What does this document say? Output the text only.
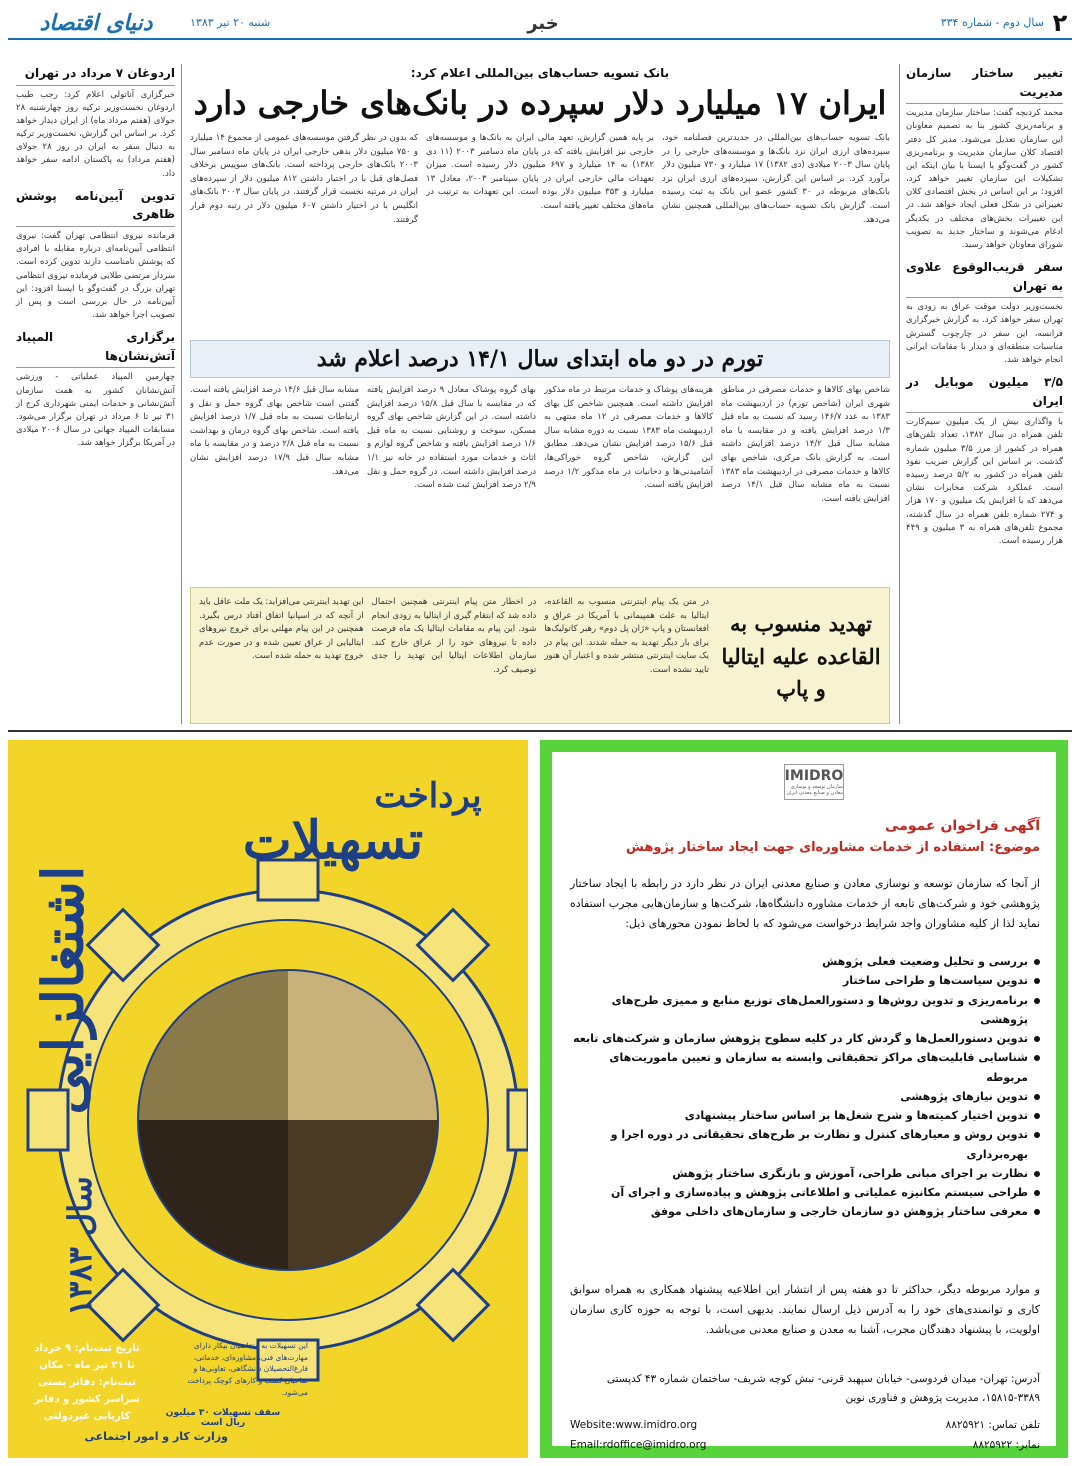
دنیای اقتصاد	شنبه ۲۰ تیر ۱۳۸۳	خبر	سال دوم - شماره ۳۳۴ ۲
تغییر ساختار سازمان مدیریت

محمد کردبچه گفت: ساختار سازمان مدیریت و برنامه‌ریزی کشور بنا به تصمیم معاونان این سازمان تعدیل می‌شود. مدیر کل دفتر اقتصاد کلان سازمان مدیریت و برنامه‌ریزی کشور در گفت‌وگو با ایسنا با بیان اینکه این تشکیلات این سازمان تغییر خواهد کرد، افزود: بر این اساس در بخش اقتصادی کلان تغییراتی در شکل فعلی ایجاد خواهد شد. در این تغییرات بخش‌های مختلف در یکدیگر ادغام می‌شوند و ساختار جدید به تصویب شورای معاونان خواهد رسید.

سفر قریب‌الوقوع علاوی به تهران

نخست‌وزیر دولت موقت عراق به زودی به تهران سفر خواهد کرد. به گزارش خبرگزاری فرانسه، این سفر در چارچوب گسترش مناسبات منطقه‌ای و دیدار با مقامات ایرانی انجام خواهد شد.

۳/۵ میلیون موبایل در ایران

با واگذاری بیش از یک میلیون سیم‌کارت تلفن همراه در سال ۱۳۸۲، تعداد تلفن‌های همراه در کشور از مرز ۳/۵ میلیون شماره گذشت. بر اساس این گزارش ضریب نفوذ تلفن همراه در کشور به ۵/۲ درصد رسیده است. عملکرد شرکت مخابرات نشان می‌دهد که با افزایش یک میلیون و ۱۷۰ هزار و ۲۷۴ شماره تلفن همراه در سال گذشته، مجموع تلفن‌های همراه به ۳ میلیون و ۴۴۹ هزار رسیده است.

اردوغان ۷ مرداد در تهران

خبرگزاری آناتولی اعلام کرد: رجب طیب اردوغان نخست‌وزیر ترکیه روز چهارشنبه ۲۸ جولای (هفتم مرداد ماه) از ایران دیدار خواهد کرد. بر اساس این گزارش، نخست‌وزیر ترکیه به دنبال سفر به ایران در روز ۲۸ جولای (هفتم مرداد) به پاکستان ادامه سفر خواهد داد.

تدوین آیین‌نامه پوشش ظاهری

فرمانده نیروی انتظامی تهران گفت: نیروی انتظامی آیین‌نامه‌ای درباره مقابله با افرادی که پوشش نامناسب دارند تدوین کرده است. سردار مرتضی طلایی فرمانده نیروی انتظامی تهران بزرگ در گفت‌وگو با ایسنا افزود: این آیین‌نامه در حال بررسی است و پس از تصویب اجرا خواهد شد.

برگزاری المپیاد آتش‌نشان‌ها

چهارمین المپیاد عملیاتی - ورزشی آتش‌نشانان کشور به همت سازمان آتش‌نشانی و خدمات ایمنی شهرداری کرج از ۳۱ تیر تا ۶ مرداد در تهران برگزار می‌شود. مسابقات المپیاد جهانی در سال ۲۰۰۶ میلادی در آمریکا برگزار خواهد شد.

بانک تسویه حساب‌های بین‌المللی اعلام کرد:
ایران ۱۷ میلیارد دلار سپرده در بانک‌های خارجی دارد
بانک تسویه حساب‌های بین‌المللی در جدیدترین فصلنامه خود، سپرده‌های ارزی ایران نزد بانک‌ها و موسسه‌های خارجی را در پایان سال ۲۰۰۳ میلادی (دی ۱۳۸۲) ۱۷ میلیارد و ۷۳۰ میلیون دلار برآورد کرد. بر اساس این گزارش، سپرده‌های ارزی ایران نزد بانک‌های مربوطه در ۳۰ کشور عضو این بانک به ثبت رسیده است. گزارش بانک تسویه حساب‌های بین‌المللی همچنین نشان می‌دهد.
بر پایه همین گزارش، تعهد مالی ایران به بانک‌ها و موسسه‌های خارجی نیز افزایش یافته که در پایان ماه دسامبر ۲۰۰۳ (۱۱ دی ۱۳۸۲) به ۱۴ میلیارد و ۶۹۷ میلیون دلار رسیده است. میزان تعهدات مالی خارجی ایران در پایان سپتامبر ۲۰۰۳، معادل ۱۳ میلیارد و ۳۵۳ میلیون دلار بوده است. این تعهدات به ترتیب در ماه‌های مختلف تغییر یافته است.
که بدون در نظر گرفتن موسسه‌های عمومی از مجموع ۱۴ میلیارد و ۷۵۰ میلیون دلار بدهی خارجی ایران در پایان ماه دسامبر سال ۲۰۰۳ بانک‌های خارجی پرداخته است. بانک‌های سوییس برخلاف فصل‌های قبل با در اختیار داشتن ۸۱۲ میلیون دلار از سپرده‌های ایران در مرتبه نخست قرار گرفتند. در پایان سال ۲۰۰۳ بانک‌های انگلیس با در اختیار داشتن ۶۰۷ میلیون دلار در رتبه دوم قرار گرفتند.
تورم در دو ماه ابتدای سال ۱۴/۱ درصد اعلام شد
شاخص بهای کالاها و خدمات مصرفی در مناطق شهری ایران (شاخص تورم) در اردیبهشت ماه ۱۳۸۳ به عدد ۱۴۶/۷ رسید که نسبت به ماه قبل ۱/۳ درصد افزایش یافته و در مقایسه با ماه مشابه سال قبل ۱۴/۲ درصد افزایش داشته است. به گزارش بانک مرکزی، شاخص بهای کالاها و خدمات مصرفی در اردیبهشت ماه ۱۳۸۳ نسبت به ماه مشابه سال قبل ۱۴/۱ درصد افزایش یافته است.
هزینه‌های پوشاک و خدمات مرتبط در ماه مذکور افزایش داشته است. همچنین شاخص کل بهای کالاها و خدمات مصرفی در ۱۲ ماه منتهی به اردیبهشت ماه ۱۳۸۳ نسبت به دوره مشابه سال قبل ۱۵/۶ درصد افزایش نشان می‌دهد. مطابق این گزارش، شاخص گروه خوراکی‌ها، آشامیدنی‌ها و دخانیات در ماه مذکور ۱/۲ درصد افزایش یافته است.
بهای گروه پوشاک معادل ۹ درصد افزایش یافته که در مقایسه با سال قبل ۱۵/۸ درصد افزایش داشته است. در این گزارش شاخص بهای گروه مسکن، سوخت و روشنایی نسبت به ماه قبل ۱/۶ درصد افزایش یافته و شاخص گروه لوازم و اثاث و خدمات مورد استفاده در خانه نیز ۱/۱ درصد افزایش داشته است. در گروه حمل و نقل ۲/۹ درصد افزایش ثبت شده است.
مشابه سال قبل ۱۴/۶ درصد افزایش یافته است. گفتنی است شاخص بهای گروه حمل و نقل و ارتباطات نسبت به ماه قبل ۱/۷ درصد افزایش یافته است. شاخص بهای گروه درمان و بهداشت نسبت به ماه قبل ۲/۸ درصد و در مقایسه با ماه مشابه سال قبل ۱۷/۹ درصد افزایش نشان می‌دهد.
تهدید منسوب به القاعده علیه ایتالیا و پاپ
در متن یک پیام اینترنتی منسوب به القاعده، ایتالیا به علت همپیمانی با آمریکا در عراق و افغانستان و پاپ «ژان پل دوم» رهبر کاتولیک‌ها برای بار دیگر تهدید به حمله شدند. این پیام در یک سایت اینترنتی منتشر شده و اعتبار آن هنوز تایید نشده است.
در اخطار متن پیام اینترنتی همچنین احتمال داده شد که انتقام گیری از ایتالیا به زودی انجام شود. این پیام به مقامات ایتالیا یک ماه فرصت داده تا نیروهای خود را از عراق خارج کند. سازمان اطلاعات ایتالیا این تهدید را جدی توصیف کرد.
این تهدید اینترنتی می‌افزاید: یک ملت عاقل باید از آنچه که در اسپانیا اتفاق افتاد درس بگیرد. همچنین در این پیام مهلتی برای خروج نیروهای ایتالیایی از عراق تعیین شده و در صورت عدم خروج تهدید به حمله شده است.
IMIDRO
سازمان توسعه و نوسازی معادن و صنایع معدنی ایران
آگهی فراخوان عمومی
موضوع: استفاده از خدمات مشاوره‌ای جهت ایجاد ساختار پژوهش
از آنجا که سازمان توسعه و نوسازی معادن و صنایع معدنی ایران در نظر دارد در رابطه با ایجاد ساختار پژوهشی خود و شرکت‌های تابعه از خدمات مشاوره دانشگاه‌ها، شرکت‌ها و سازمان‌هایی مجرب استفاده نماید لذا از کلیه مشاوران واجد شرایط درخواست می‌شود که با لحاظ نمودن محورهای ذیل:
بررسی و تحلیل وضعیت فعلی پژوهش
تدوین سیاست‌ها و طراحی ساختار
برنامه‌ریزی و تدوین روش‌ها و دستورالعمل‌های توزیع منابع و ممیزی طرح‌های پژوهشی
تدوین دستورالعمل‌ها و گردش کار در کلیه سطوح پژوهش سازمان و شرکت‌های تابعه
شناسایی قابلیت‌های مراکز تحقیقاتی وابسته به سازمان و تعیین ماموریت‌های مربوطه
تدوین نیازهای پژوهشی
تدوین اختیار کمیته‌ها و شرح شغل‌ها بر اساس ساختار پیشنهادی
تدوین روش و معیارهای کنترل و نظارت بر طرح‌های تحقیقاتی در دوره اجرا و بهره‌برداری
نظارت بر اجرای مبانی طراحی، آموزش و بازنگری ساختار پژوهش
طراحی سیستم مکانیزه عملیاتی و اطلاعاتی پژوهش و پیاده‌سازی و اجرای آن
معرفی ساختار پژوهش دو سازمان خارجی و سازمان‌های داخلی موفق
و موارد مربوطه دیگر، حداکثر تا دو هفته پس از انتشار این اطلاعیه پیشنهاد همکاری به همراه سوابق کاری و توانمندی‌های خود را به آدرس ذیل ارسال نمایند. بدیهی است، با توجه به حوزه کاری سازمان اولویت، با پیشنهاد دهندگان مجرب، آشنا به معدن و صنایع معدنی می‌باشد.
آدرس: تهران- میدان فردوسی- خیابان سپهبد قرنی- نبش کوچه شریف- ساختمان شماره ۴۳ کدپستی ۳۳۸۹-۱۵۸۱۵، مدیریت پژوهش و فناوری نوین
تلفن تماس: ۸۸۲۵۹۲۱
Website:www.imidro.org
نمابر: ۸۸۲۵۹۲۲
Email:rdoffice@imidro.org
پرداخت
تسهیلات
اشتغالزایی
سال ۱۳۸۳
این تسهیلات به متقاضیان بیکار دارای مهارت‌های فنی، مشاوره‌ای، خدماتی، فارغ‌التحصیلان دانشگاهی، تعاونی‌ها و صاحبان کسب و کارهای کوچک پرداخت می‌شود.
سقف تسهیلات ۳۰ میلیون ریال است
تاریخ ثبت‌نام: ۹ خرداد تا ۳۱ تیر ماه - مکان ثبت‌نام: دفاتر پستی سراسر کشور و دفاتر کاریابی غیردولتی
وزارت کار و امور اجتماعی
